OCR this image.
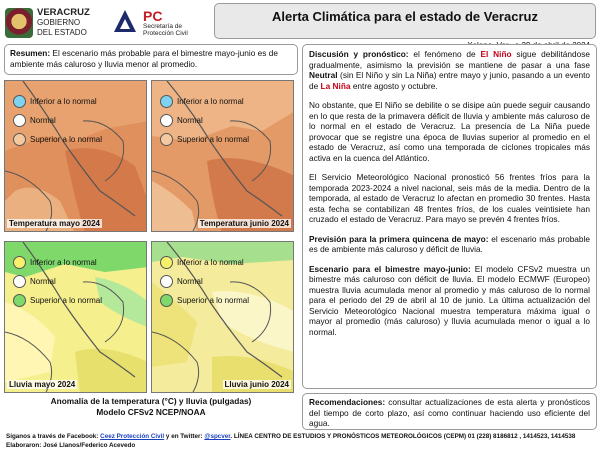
VERACRUZ
GOBIERNO
DEL ESTADO
PC
Secretaría de
Protección Civil
Alerta Climática para el estado de Veracruz
Resumen: El escenario más probable para el bimestre mayo-junio es de ambiente más caluroso y lluvia menor al promedio.
Inferior a lo normal
Normal
Superior a lo normal
Temperatura mayo 2024
Inferior a lo normal
Normal
Superior a lo normal
Temperatura junio 2024
Inferior a lo normal
Normal
Superior a lo normal
Lluvia mayo 2024
Inferior a lo normal
Normal
Superior a lo normal
Lluvia junio 2024
Anomalía de la temperatura (°C) y lluvia (pulgadas)
Modelo CFSv2 NCEP/NOAA

Discusión y pronóstico: el fenómeno de El Niño sigue debilitándose gradualmente, asimismo la previsión se mantiene de pasar a una fase Neutral (sin El Niño y sin La Niña) entre mayo y junio, pasando a un evento de La Niña entre agosto y octubre.

No obstante, que El Niño se debilite o se disipe aún puede seguir causando en lo que resta de la primavera déficit de lluvia y ambiente más caluroso de lo normal en el estado de Veracruz. La presencia de La Niña puede provocar que se registre una época de lluvias superior al promedio en el estado de Veracruz, así como una temporada de ciclones tropicales más activa en la cuenca del Atlántico.

El Servicio Meteorológico Nacional pronosticó 56 frentes fríos para la temporada 2023-2024 a nivel nacional, seis más de la media. Dentro de la temporada, al estado de Veracruz lo afectan en promedio 30 frentes. Hasta esta fecha se contabilizan 48 frentes fríos, de los cuales veintisiete han cruzado el estado de Veracruz. Para mayo se prevén 4 frentes fríos.

Previsión para la primera quincena de mayo: el escenario más probable es de ambiente más caluroso y déficit de lluvia.

Escenario para el bimestre mayo-junio: El modelo CFSv2 muestra un bimestre más caluroso con déficit de lluvia. El modelo ECMWF (Europeo) muestra lluvia acumulada menor al promedio y más caluroso de lo normal para el periodo del 29 de abril al 10 de junio. La última actualización del Servicio Meteorológico Nacional muestra temperatura máxima igual o mayor al promedio (más caluroso) y lluvia acumulada menor o igual a lo normal.

Recomendaciones: consultar actualizaciones de esta alerta y pronósticos del tiempo de corto plazo, así como continuar haciendo uso eficiente del agua.
Síganos a través de Facebook: Ceez Protección Civil y en Twitter: @spcver. LÍNEA CENTRO DE ESTUDIOS Y PRONÓSTICOS METEOROLÓGICOS (CEPM) 01 (228) 8186812 , 1414523, 1414538
Elaboraron: José Llanos/Federico Acevedo
